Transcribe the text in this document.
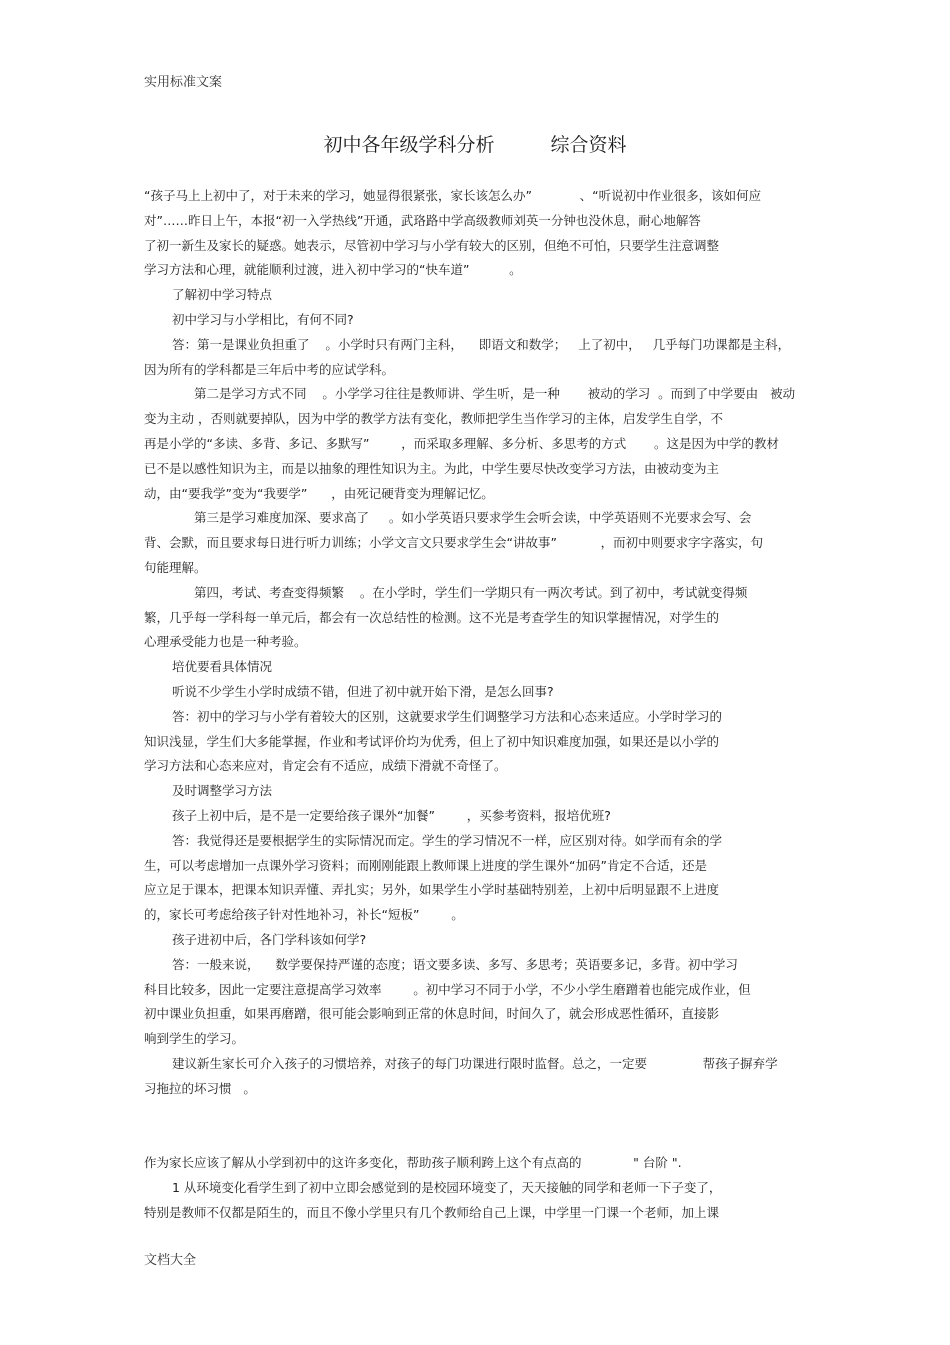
实用标准文案
初中各年级学科分析	综合资料
“孩子马上上初中了，对于未来的学习，她显得很紧张，家长该怎么办”            、“听说初中作业很多，该如何应
对”……昨日上午，本报“初一入学热线”开通，武珞路中学高级教师刘英一分钟也没休息，耐心地解答
了初一新生及家长的疑惑。她表示，尽管初中学习与小学有较大的区别，但绝不可怕，只要学生注意调整
学习方法和心理，就能顺利过渡，进入初中学习的“快车道”          。
了解初中学习特点
初中学习与小学相比，有何不同?
答：第一是课业负担重了    。小学时只有两门主科，    即语文和数学；   上了初中，   几乎每门功课都是主科，
因为所有的学科都是三年后中考的应试学科。
第二是学习方式不同    。小学学习往往是教师讲、学生听，是一种       被动的学习  。而到了中学要由   被动
变为主动 ，否则就要掉队，因为中学的教学方法有变化，教师把学生当作学习的主体，启发学生自学，不
再是小学的“多读、多背、多记、多默写”        ，而采取多理解、多分析、多思考的方式       。这是因为中学的教材
已不是以感性知识为主，而是以抽象的理性知识为主。为此，中学生要尽快改变学习方法，由被动变为主
动，由“要我学”变为“我要学”      ，由死记硬背变为理解记忆。
第三是学习难度加深、要求高了     。如小学英语只要求学生会听会读，中学英语则不光要求会写、会
背、会默，而且要求每日进行听力训练；小学文言文只要求学生会“讲故事”           ，而初中则要求字字落实，句
句能理解。
第四，考试、考查变得频繁    。在小学时，学生们一学期只有一两次考试。到了初中，考试就变得频
繁，几乎每一学科每一单元后，都会有一次总结性的检测。这不光是考查学生的知识掌握情况，对学生的
心理承受能力也是一种考验。
培优要看具体情况
听说不少学生小学时成绩不错，但进了初中就开始下滑，是怎么回事?
答：初中的学习与小学有着较大的区别，这就要求学生们调整学习方法和心态来适应。小学时学习的
知识浅显，学生们大多能掌握，作业和考试评价均为优秀，但上了初中知识难度加强，如果还是以小学的
学习方法和心态来应对，肯定会有不适应，成绩下滑就不奇怪了。
及时调整学习方法
孩子上初中后，是不是一定要给孩子课外“加餐”        ，买参考资料，报培优班?
答：我觉得还是要根据学生的实际情况而定。学生的学习情况不一样，应区别对待。如学而有余的学
生，可以考虑增加一点课外学习资料；而刚刚能跟上教师课上进度的学生课外“加码”肯定不合适，还是
应立足于课本，把课本知识弄懂、弄扎实；另外，如果学生小学时基础特别差，上初中后明显跟不上进度
的，家长可考虑给孩子针对性地补习，补长“短板”        。
孩子进初中后，各门学科该如何学?
答：一般来说，    数学要保持严谨的态度；语文要多读、多写、多思考；英语要多记，多背。初中学习
科目比较多，因此一定要注意提高学习效率        。初中学习不同于小学，不少小学生磨蹭着也能完成作业，但
初中课业负担重，如果再磨蹭，很可能会影响到正常的休息时间，时间久了，就会形成恶性循环，直接影
响到学生的学习。
建议新生家长可介入孩子的习惯培养，对孩子的每门功课进行限时监督。总之，一定要              帮孩子摒弃学
习拖拉的坏习惯   。
作为家长应该了解从小学到初中的这许多变化，帮助孩子顺利跨上这个有点高的             " 台阶 ".
1 从环境变化看学生到了初中立即会感觉到的是校园环境变了，天天接触的同学和老师一下子变了，
特别是教师不仅都是陌生的，而且不像小学里只有几个教师给自己上课，中学里一门课一个老师，加上课
文档大全
